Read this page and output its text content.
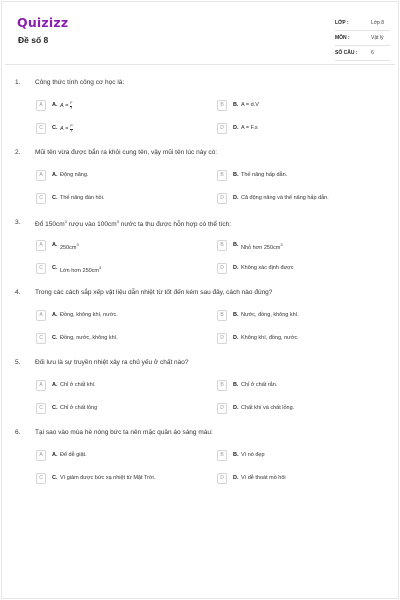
Quizizz
Đề số 8
LỚP :	Lớp 8
MÔN :	Vật lý
SỐ CÂU :	6
1. Công thức tính công cơ học là:
A	A. $A = \frac{F}{t}$	B	B. A = d.V
C	C. $A = \frac{P}{t}$	D	D. A = F.s
2. Mũi tên vừa được bắn ra khỏi cung tên, vậy mũi tên lúc này có:
A	A. Động năng.	B	B. Thế năng hấp dẫn.
C	C. Thế năng đàn hồi.	D	D. Cả động năng và thế năng hấp dẫn.
3. Đổ $150cm^3$ rượu vào $100cm^3$ nước ta thu được hỗn hợp có thể tích:
A	A. $250cm^3$	B	B. Nhỏ hơn $250cm^3$
C	C. Lớn hơn $250cm^3$	D	D. Không xác định được
4. Trong các cách sắp xếp vật liệu dẫn nhiệt từ tốt đến kém sau đây, cách nào đúng?
A	A. Đồng, không khí, nước.	B	B. Nước, đồng, không khí.
C	C. Đồng, nước, không khí.	D	D. Không khí, đồng, nước.
5. Đối lưu là sự truyền nhiệt xảy ra chủ yếu ở chất nào?
A	A. Chỉ ở chất khí.	B	B. Chỉ ở chất rắn.
C	C. Chỉ ở chất lỏng	D	D. Chất khí và chất lỏng.
6. Tại sao vào mùa hè nóng bức ta nên mặc quần áo sáng màu:
A	A. Để dễ giặt.	B	B. Vì nó đẹp
C	C. Vì giảm được bức xạ nhiệt từ Mặt Trời.	D	D. Vì dễ thoát mồ hôi
